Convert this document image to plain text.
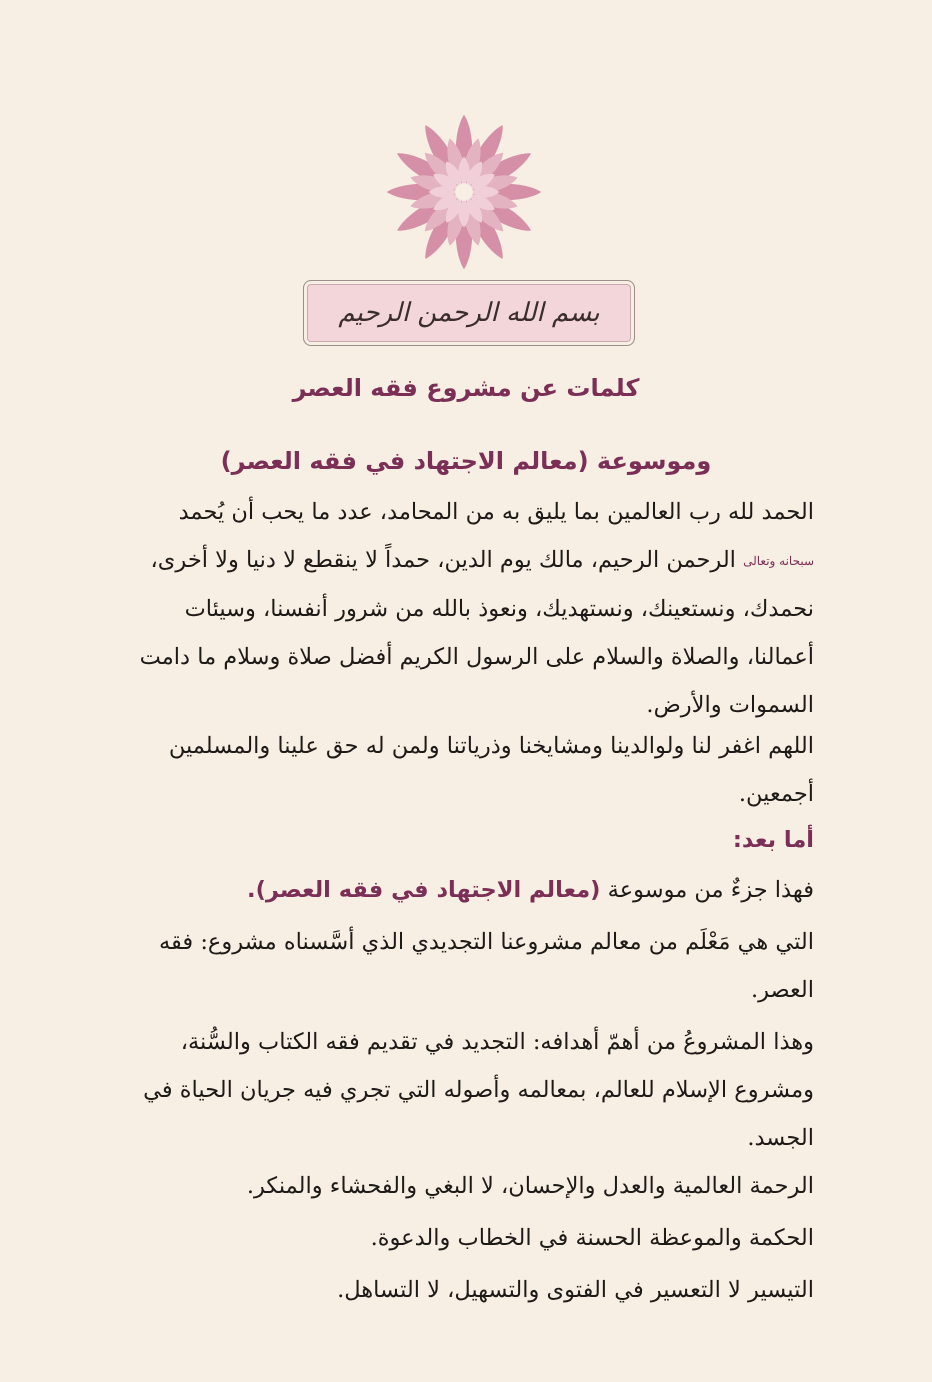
بسم الله الرحمن الرحيم
كلمات عن مشروع فقه العصر
وموسوعة (معالم الاجتهاد في فقه العصر)
الحمد لله رب العالمين بما يليق به من المحامد، عدد ما يحب أن يُحمد
سبحانه وتعالى الرحمن الرحيم، مالك يوم الدين، حمداً لا ينقطع لا دنيا ولا أخرى،
نحمدك، ونستعينك، ونستهديك، ونعوذ بالله من شرور أنفسنا، وسيئات
أعمالنا، والصلاة والسلام على الرسول الكريم أفضل صلاة وسلام ما دامت
السموات والأرض.
اللهم اغفر لنا ولوالدينا ومشايخنا وذرياتنا ولمن له حق علينا والمسلمين
أجمعين.
أما بعد:
فهذا جزءٌ من موسوعة (معالم الاجتهاد في فقه العصر).
التي هي مَعْلَم من معالم مشروعنا التجديدي الذي أسَّسناه مشروع: فقه
العصر.
وهذا المشروعُ من أهمّ أهدافه: التجديد في تقديم فقه الكتاب والسُّنة،
ومشروع الإسلام للعالم، بمعالمه وأصوله التي تجري فيه جريان الحياة في
الجسد.
الرحمة العالمية والعدل والإحسان، لا البغي والفحشاء والمنكر.
الحكمة والموعظة الحسنة في الخطاب والدعوة.
التيسير لا التعسير في الفتوى والتسهيل، لا التساهل.
